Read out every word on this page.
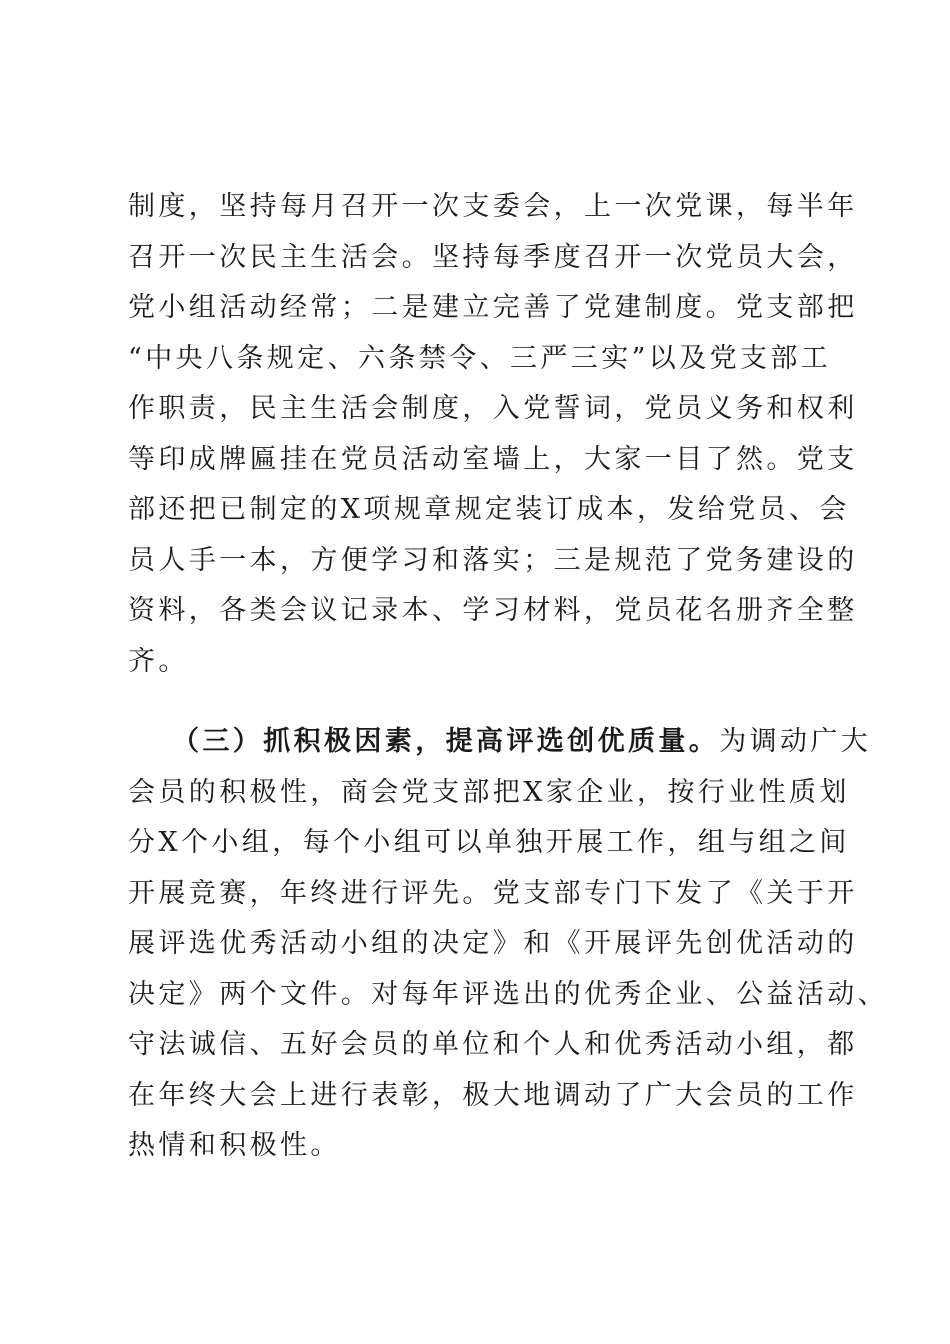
制度，坚持每月召开一次支委会，上一次党课，每半年
召开一次民主生活会。坚持每季度召开一次党员大会，
党小组活动经常；二是建立完善了党建制度。党支部把
“中央八条规定、六条禁令、三严三实”以及党支部工
作职责，民主生活会制度，入党誓词，党员义务和权利
等印成牌匾挂在党员活动室墙上，大家一目了然。党支
部还把已制定的X项规章规定装订成本，发给党员、会
员人手一本，方便学习和落实；三是规范了党务建设的
资料，各类会议记录本、学习材料，党员花名册齐全整
齐。
（三）抓积极因素，提高评选创优质量。为调动广大
会员的积极性，商会党支部把X家企业，按行业性质划
分X个小组，每个小组可以单独开展工作，组与组之间
开展竞赛，年终进行评先。党支部专门下发了《关于开
展评选优秀活动小组的决定》和《开展评先创优活动的
决定》两个文件。对每年评选出的优秀企业、公益活动、
守法诚信、五好会员的单位和个人和优秀活动小组，都
在年终大会上进行表彰，极大地调动了广大会员的工作
热情和积极性。
